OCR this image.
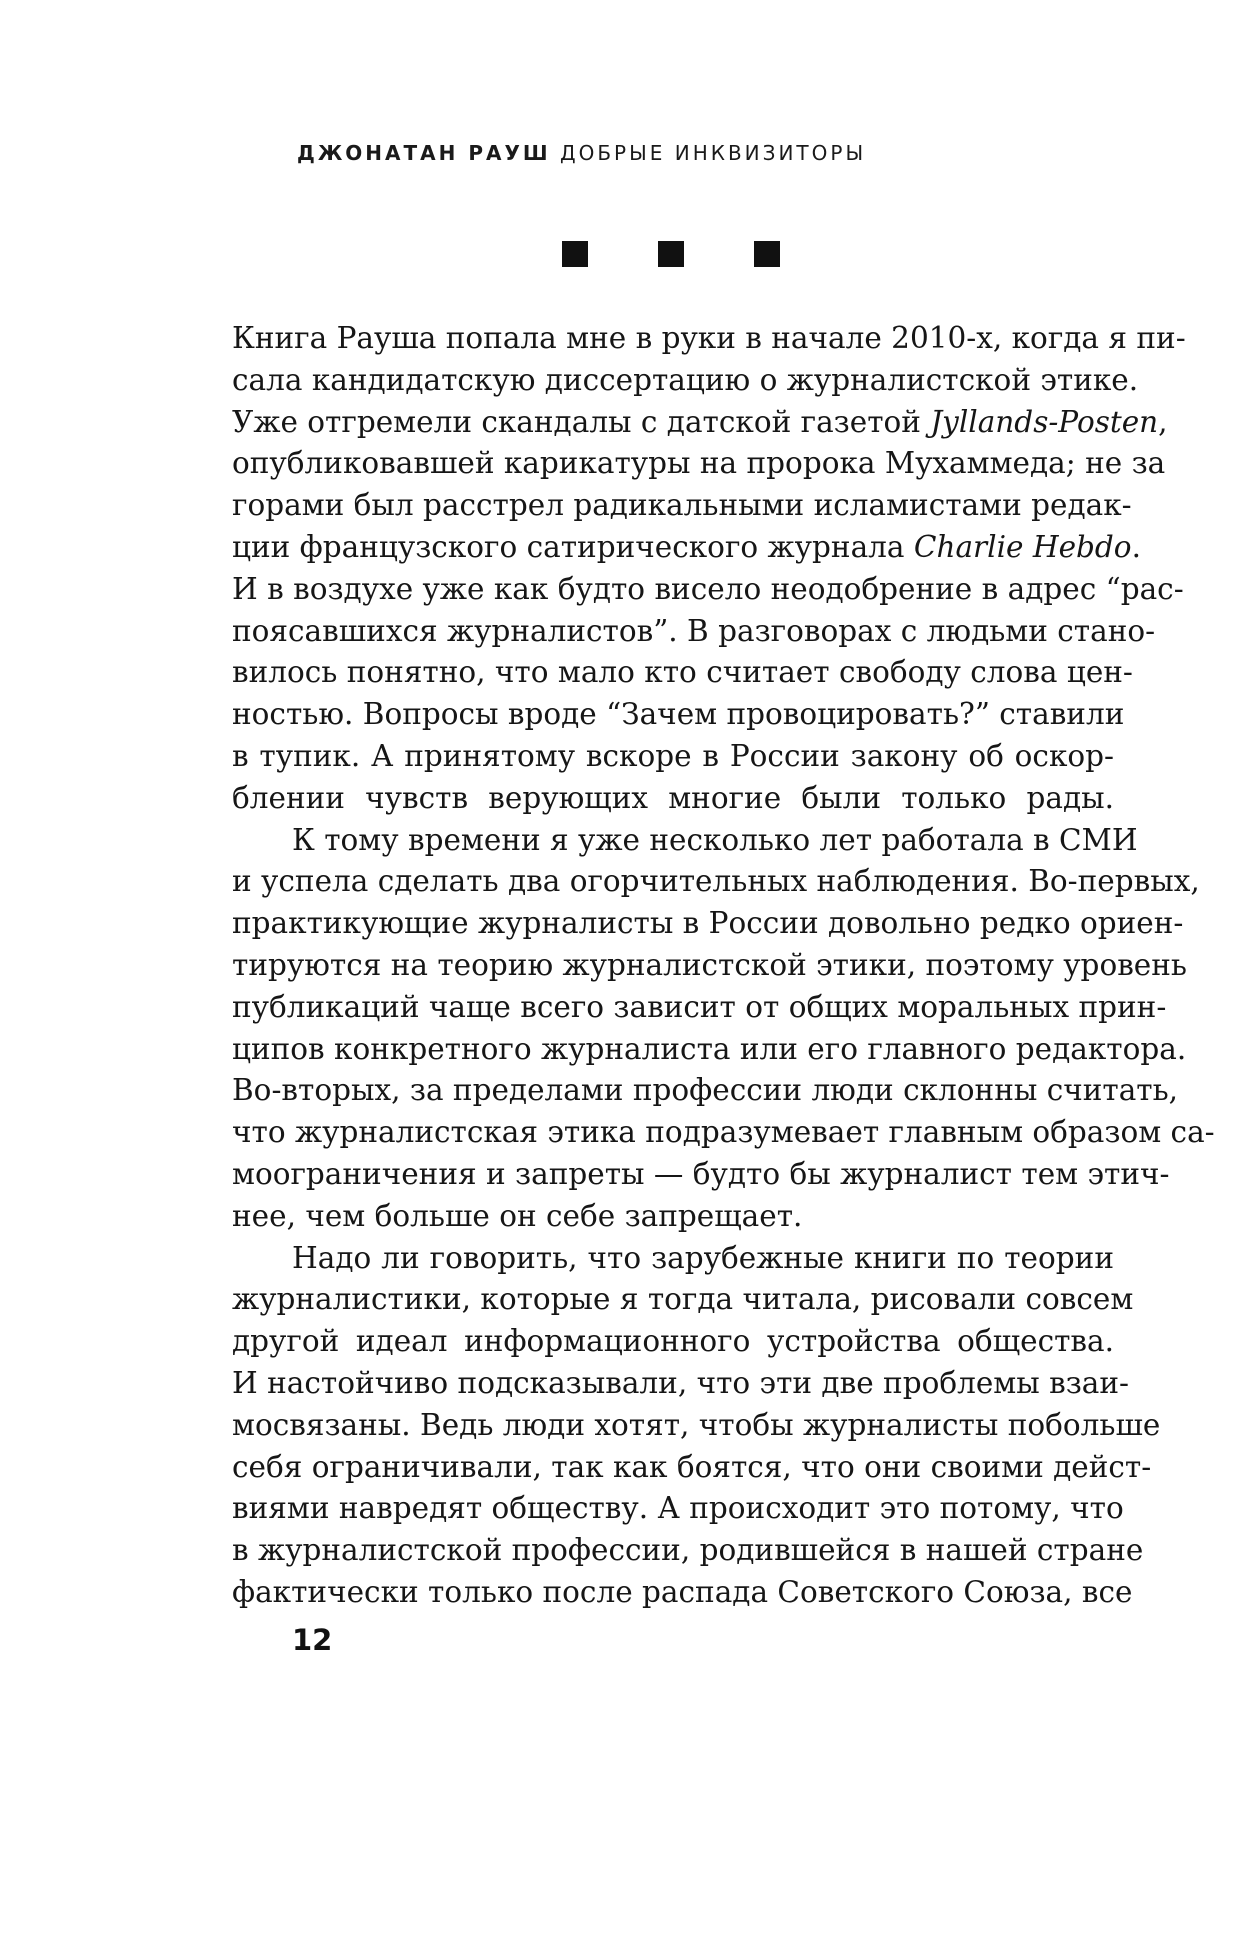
ДЖОНАТАН РАУШ ДОБРЫЕ ИНКВИЗИТОРЫ
Книга Рауша попала мне в руки в начале 2010-х, когда я пи-
сала кандидатскую диссертацию о журналистской этике.
Уже отгремели скандалы с датской газетой Jyllands-Posten,
опубликовавшей карикатуры на пророка Мухаммеда; не за
горами был расстрел радикальными исламистами редак-
ции французского сатирического журнала Charlie Hebdo.
И в воздухе уже как будто висело неодобрение в адрес “рас-
поясавшихся журналистов”. В разговорах с людьми стано-
вилось понятно, что мало кто считает свободу слова цен-
ностью. Вопросы вроде “Зачем провоцировать?” ставили
в тупик. А принятому вскоре в России закону об оскор-
блении чувств верующих многие были только рады.
К тому времени я уже несколько лет работала в СМИ
и успела сделать два огорчительных наблюдения. Во-первых,
практикующие журналисты в России довольно редко ориен-
тируются на теорию журналистской этики, поэтому уровень
публикаций чаще всего зависит от общих моральных прин-
ципов конкретного журналиста или его главного редактора.
Во-вторых, за пределами профессии люди склонны считать,
что журналистская этика подразумевает главным образом са-
моограничения и запреты — будто бы журналист тем этич-
нее, чем больше он себе запрещает.
Надо ли говорить, что зарубежные книги по теории
журналистики, которые я тогда читала, рисовали совсем
другой идеал информационного устройства общества.
И настойчиво подсказывали, что эти две проблемы взаи-
мосвязаны. Ведь люди хотят, чтобы журналисты побольше
себя ограничивали, так как боятся, что они своими дейст-
виями навредят обществу. А происходит это потому, что
в журналистской профессии, родившейся в нашей стране
фактически только после распада Советского Союза, все
12
